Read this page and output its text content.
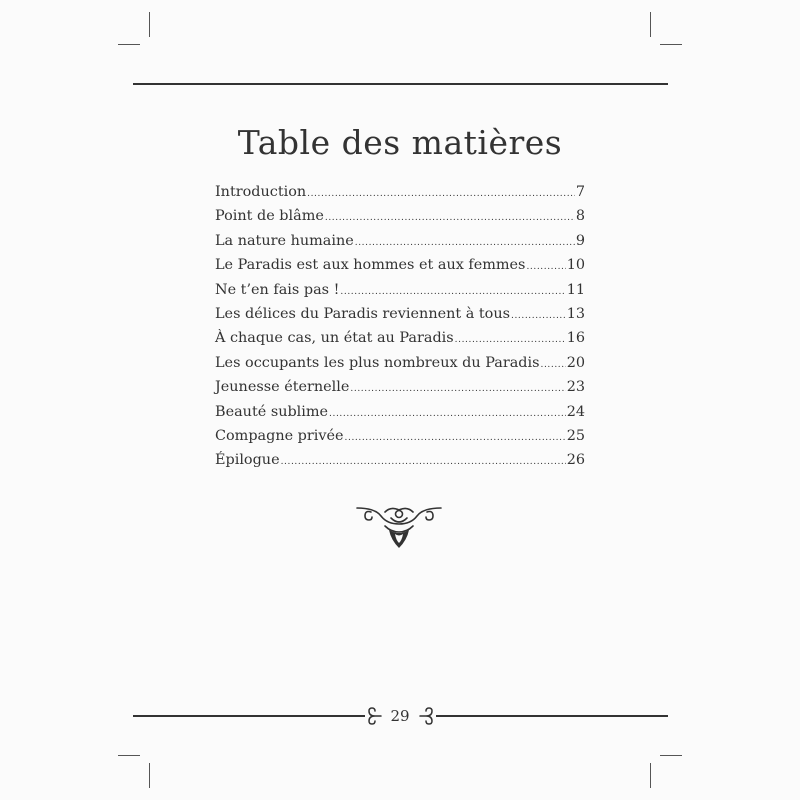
Table des matières
Introduction .....	7
Point de blâme .....	8
La nature humaine .....	9
Le Paradis est aux hommes et aux femmes .....	10
Ne t’en fais pas ! .....	11
Les délices du Paradis reviennent à tous .....	13
À chaque cas, un état au Paradis .....	16
Les occupants les plus nombreux du Paradis ..... 20
Jeunesse éternelle .....	23
Beauté sublime .....	24
Compagne privée .....	25
Épilogue .....	26
29
